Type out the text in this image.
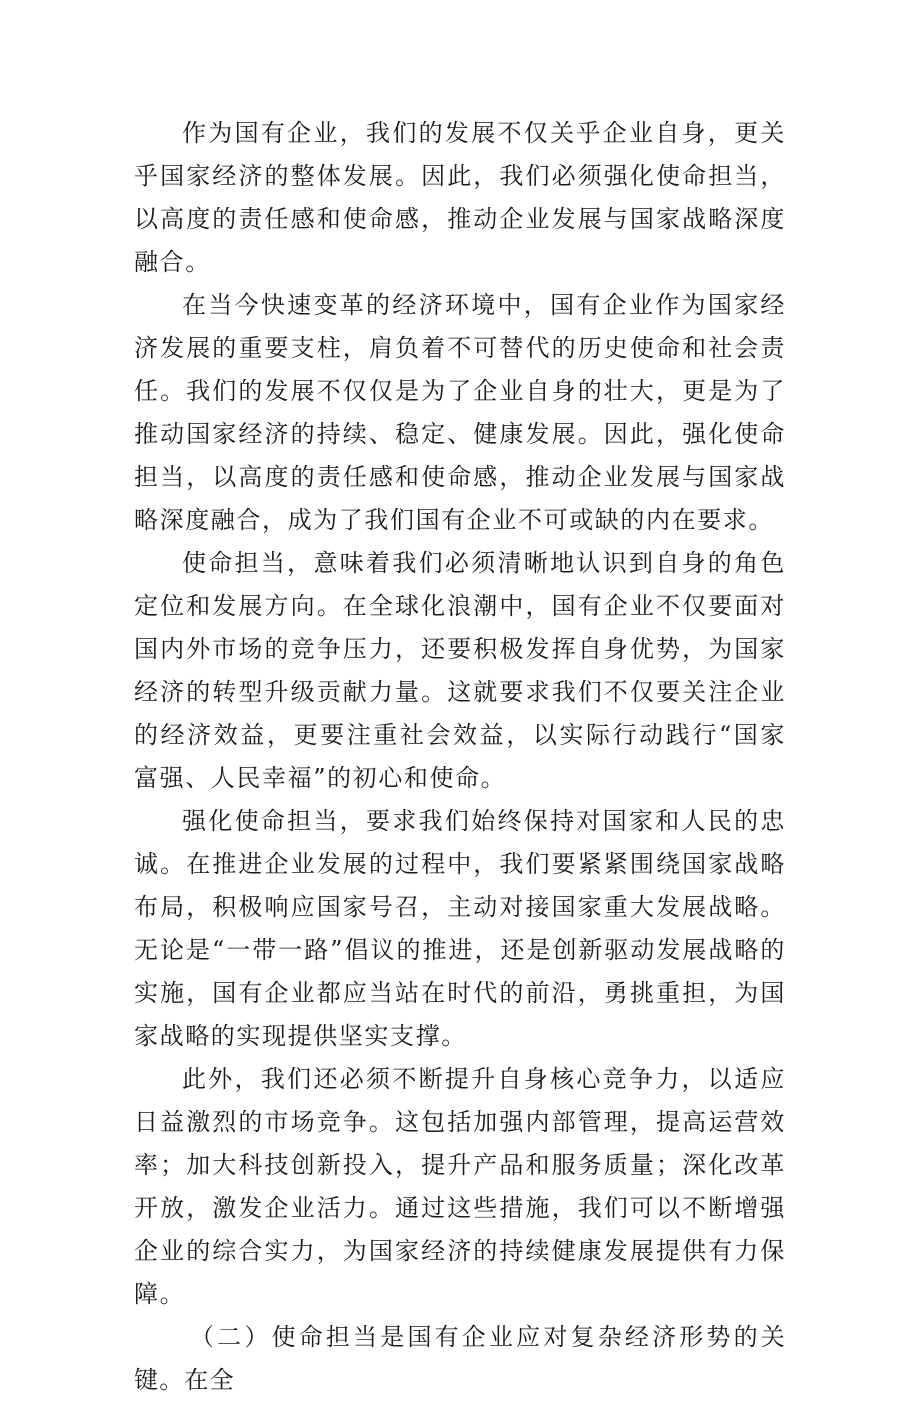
作为国有企业，我们的发展不仅关乎企业自身，更关乎国家经济的整体发展。因此，我们必须强化使命担当，以高度的责任感和使命感，推动企业发展与国家战略深度融合。

在当今快速变革的经济环境中，国有企业作为国家经济发展的重要支柱，肩负着不可替代的历史使命和社会责任。我们的发展不仅仅是为了企业自身的壮大，更是为了推动国家经济的持续、稳定、健康发展。因此，强化使命担当，以高度的责任感和使命感，推动企业发展与国家战略深度融合，成为了我们国有企业不可或缺的内在要求。

使命担当，意味着我们必须清晰地认识到自身的角色定位和发展方向。在全球化浪潮中，国有企业不仅要面对国内外市场的竞争压力，还要积极发挥自身优势，为国家经济的转型升级贡献力量。这就要求我们不仅要关注企业的经济效益，更要注重社会效益，以实际行动践行“国家富强、人民幸福”的初心和使命。

强化使命担当，要求我们始终保持对国家和人民的忠诚。在推进企业发展的过程中，我们要紧紧围绕国家战略布局，积极响应国家号召，主动对接国家重大发展战略。无论是“一带一路”倡议的推进，还是创新驱动发展战略的实施，国有企业都应当站在时代的前沿，勇挑重担，为国家战略的实现提供坚实支撑。

此外，我们还必须不断提升自身核心竞争力，以适应日益激烈的市场竞争。这包括加强内部管理，提高运营效率；加大科技创新投入，提升产品和服务质量；深化改革开放，激发企业活力。通过这些措施，我们可以不断增强企业的综合实力，为国家经济的持续健康发展提供有力保障。

（二）使命担当是国有企业应对复杂经济形势的关键。在全
